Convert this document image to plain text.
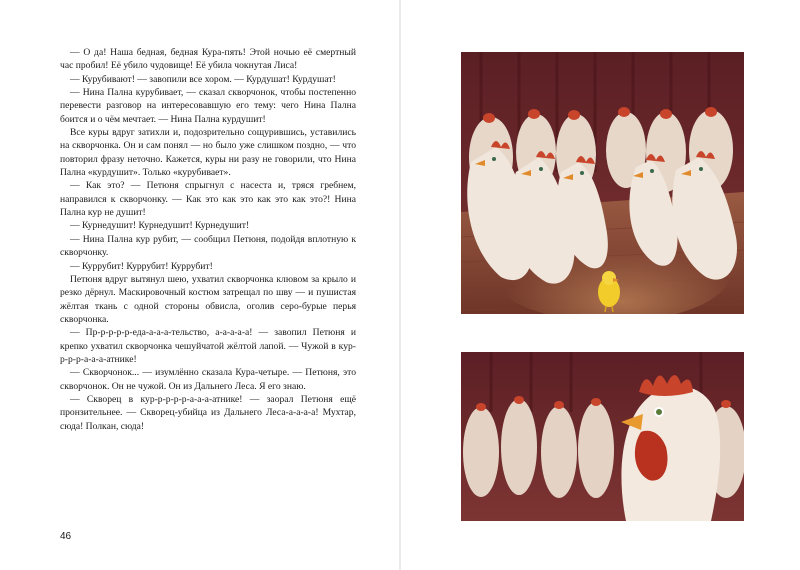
— О да! Наша бедная, бедная Кура-пять! Этой ночью её смертный час пробил! Её убило чудовище! Её убила чокнутая Лиса!

— Курубивают! — завопили все хором. — Курдушат! Курдушат!

— Нина Пална курубивает, — сказал скворчонок, чтобы постепенно перевести разговор на интересовавшую его тему: чего Нина Пална боится и о чём мечтает. — Нина Пална курдушит!

Все куры вдруг затихли и, подозрительно сощурившись, уставились на скворчонка. Он и сам понял — но было уже слишком поздно, — что повторил фразу неточно. Кажется, куры ни разу не говорили, что Нина Пална «курдушит». Только «курубивает».

— Как это? — Петюня спрыгнул с насеста и, тряся гребнем, направился к скворчонку. — Как это как это как это как это?! Нина Пална кур не душит!

— Курнедушит! Курнедушит! Курнедушит!

— Нина Пална кур рубит, — сообщил Петюня, подойдя вплотную к скворчонку.

— Куррубит! Куррубит! Куррубит!

Петюня вдруг вытянул шею, ухватил скворчонка клювом за крыло и резко дёрнул. Маскировочный костюм затрещал по шву — и пушистая жёлтая ткань с одной стороны обвисла, оголив серо-бурые перья скворчонка.

— Пр-р-р-р-р-еда-а-а-а-тельство, а-а-а-а-а! — завопил Петюня и крепко ухватил скворчонка чешуйчатой жёлтой лапой. — Чужой в кур-р-р-р-а-а-а-атнике!

— Скворчонок... — изумлённо сказала Кура-четыре. — Петюня, это скворчонок. Он не чужой. Он из Дальнего Леса. Я его знаю.

— Скворец в кур-р-р-р-р-а-а-а-атнике! — заорал Петюня ещё пронзительнее. — Скворец-убийца из Дальнего Леса-а-а-а-а! Мухтар, сюда! Полкан, сюда!

46
